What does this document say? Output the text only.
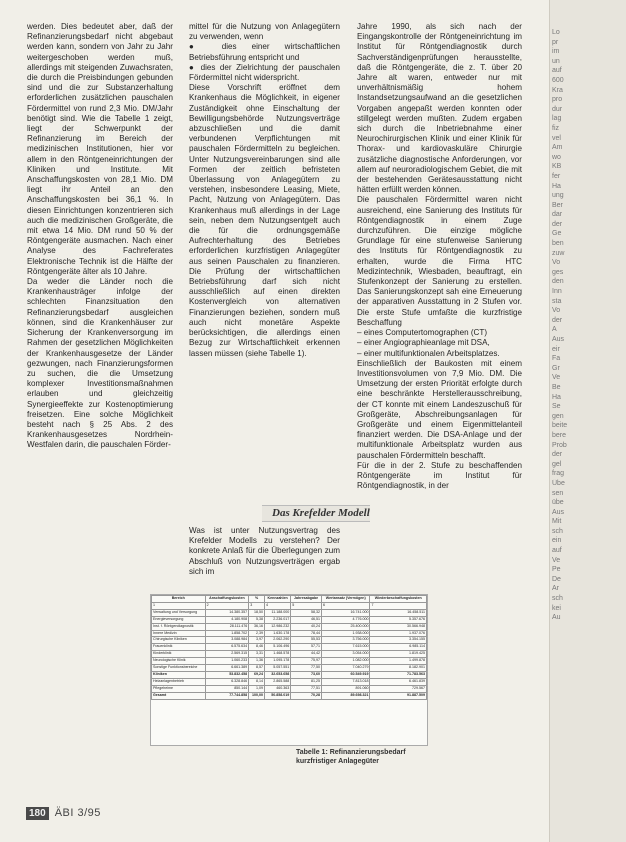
werden. Dies bedeutet aber, daß der Refinanzierungsbedarf nicht abgebaut werden kann, sondern von Jahr zu Jahr weitergeschoben werden muß, allerdings mit steigenden Zuwachsraten, die durch die Preisbindungen gebunden sind und die zur Substanzerhaltung erforderlichen zusätzlichen pauschalen Fördermittel von rund 2,3 Mio. DM/Jahr benötigt sind. Wie die Tabelle 1 zeigt, liegt der Schwerpunkt der Refinanzierung im Bereich der medizinischen Institutionen, hier vor allem in den Röntgeneinrichtungen der Kliniken und Institute. Mit Anschaffungskosten von 28,1 Mio. DM liegt ihr Anteil an den Anschaffungskosten bei 36,1 %. In diesen Einrichtungen konzentrieren sich auch die medizinischen Großgeräte, die mit etwa 14 Mio. DM rund 50 % der Röntgengeräte ausmachen. Nach einer Analyse des Fachreferates Elektronische Technik ist die Hälfte der Röntgengeräte älter als 10 Jahre.

Da weder die Länder noch die Krankenhausträger infolge der schlechten Finanzsituation den Refinanzierungsbedarf ausgleichen können, sind die Krankenhäuser zur Sicherung der Krankenversorgung im Rahmen der gesetzlichen Möglichkeiten der Krankenhausgesetze der Länder gezwungen, nach Finanzierungsformen zu suchen, die die Umsetzung komplexer Investitionsmaßnahmen erlauben und gleichzeitig Synergieeffekte zur Kostenoptimierung freisetzen. Eine solche Möglichkeit besteht nach § 25 Abs. 2 des Krankenhausgesetzes Nordrhein-Westfalen darin, die pauschalen Förder-

mittel für die Nutzung von Anlagegütern zu verwenden, wenn

● dies einer wirtschaftlichen Betriebsführung entspricht und

● dies der Zielrichtung der pauschalen Fördermittel nicht widerspricht.

Diese Vorschrift eröffnet dem Krankenhaus die Möglichkeit, in eigener Zuständigkeit ohne Einschaltung der Bewilligungsbehörde Nutzungsverträge abzuschließen und die damit verbundenen Verpflichtungen mit pauschalen Fördermitteln zu begleichen. Unter Nutzungsvereinbarungen sind alle Formen der zeitlich befristeten Überlassung von Anlagegütern zu verstehen, insbesondere Leasing, Miete, Pacht, Nutzung von Anlagegütern. Das Krankenhaus muß allerdings in der Lage sein, neben dem Nutzungsentgelt auch die für die ordnungsgemäße Aufrechterhaltung des Betriebes erforderlichen kurzfristigen Anlagegüter aus seinen Pauschalen zu finanzieren. Die Prüfung der wirtschaftlichen Betriebsführung darf sich nicht ausschließlich auf einen direkten Kostenvergleich von alternativen Finanzierungen beziehen, sondern muß auch nicht monetäre Aspekte berücksichtigen, die allerdings einen Bezug zur Wirtschaftlichkeit erkennen lassen müssen (siehe Tabelle 1).

Das Krefelder Modell

Was ist unter Nutzungsvertrag des Krefelder Modells zu verstehen? Der konkrete Anlaß für die Überlegungen zum Abschluß von Nutzungsverträgen ergab sich im

Jahre 1990, als sich nach der Eingangskontrolle der Röntgeneinrichtung im Institut für Röntgendiagnostik durch Sachverständigenprüfungen herausstellte, daß die Röntgengeräte, die z. T. über 20 Jahre alt waren, entweder nur mit unverhältnismäßig hohem Instandsetzungsaufwand an die gesetzlichen Vorgaben angepaßt werden konnten oder stillgelegt werden mußten. Zudem ergaben sich durch die Inbetriebnahme einer Neurochirurgischen Klinik und einer Klinik für Thorax- und kardiovaskuläre Chirurgie zusätzliche diagnostische Anforderungen, vor allem auf neuroradiologischem Gebiet, die mit der bestehenden Gerätesausstattung nicht hätten erfüllt werden können.

Die pauschalen Fördermittel waren nicht ausreichend, eine Sanierung des Instituts für Röntgendiagnostik in einem Zuge durchzuführen. Die einzige mögliche Grundlage für eine stufenweise Sanierung des Instituts für Röntgendiagnostik zu erhalten, wurde die Firma HTC Medizintechnik, Wiesbaden, beauftragt, ein Stufenkonzept der Sanierung zu erstellen. Das Sanierungskonzept sah eine Erneuerung der apparativen Ausstattung in 2 Stufen vor. Die erste Stufe umfaßte die kurzfristige Beschaffung

– eines Computertomographen (CT)

– einer Angiographieanlage mit DSA,

– einer multifunktionalen Arbeitsplatzes.

Einschließlich der Baukosten mit einem Investitionsvolumen von 7,9 Mio. DM. Die Umsetzung der ersten Priorität erfolgte durch eine beschränkte Herstellerausschreibung, der CT konnte mit einem Landeszuschuß für Großgeräte, Abschreibungsanlagen für Großgeräte und einem Eigenmittelanteil finanziert werden. Die DSA-Anlage und der multifunktionale Arbeitsplatz wurden aus pauschalen Fördermitteln beschafft.

Für die in der 2. Stufe zu beschaffenden Röntgengeräte im Institut für Röntgendiagnostik, in der

Bereich	Anschaffungskosten	%	Kennzahlen	Jahresabgabe	Wertansatz (Vermögen)	Wiederbeschaffungskosten
1	2	3	4	5	6	7
Verwaltung und Versorgung	14.380.357	18,50	11.188.000	58,32	16.741.000	16.458.511
Energieversorgung	4.180.908	5,38	2.236.017	46,51	4.776.000	5.357.676
Inst. f. Röntgendiagnostik	28.111.476	36,16	12.986.232	40,24	25.400.000	30.566.948
Innere Medizin	1.858.702	2,39	1.630.178	78,44	1.938.000	1.937.076
Chirurgische Kliniken	3.088.984	3,97	2.062.290	55,53	3.756.000	3.354.155
Frauenklinik	6.575.634	8,46	5.106.496	57,71	7.615.000	6.985.114
Kinderklinik	2.569.315	3,31	1.468.578	44,42	3.054.000	1.819.425
Neurologische Klinik	1.060.233	1,36	1.095.178	75,97	1.082.000	1.499.878
Sonstige Funktionsbereiche	6.661.389	8,57	5.057.551	77,50	7.040.279	8.182.901
Kliniken	53.832.458	69,24	32.653.658	73,60	60.549.919	71.783.563
Heizanlagenbetrieb	6.328.846	8,14	2.865.588	81,25	7.813.018	6.461.839
Pflegeheime	850.144	1,09	460.363	77,51	891.060	729.567
Gesamt	77.744.858	100,00	50.858.019	70,28	89.698.321	91.887.509
Tabelle 1: Refinanzierungsbedarf kurzfristiger Anlagegüter
180 ÄBI 3/95
Lo
pr
im
un
auf
600
Kra
pro
dur
lag
fiz
vel
Am
wo
KB
fer
Ha
ung
Ber
dar
der
Ge
ben
zuw
Vo
ges
den
Inn
sta
Vo
der
A
Aus
eir
Fa
Gr
Ve
Be
Ha
Se
gen
beite
bere
Prob
der
gel
frag
Übe
sen
übe
Aus
Mit
sch
ein
auf
Ve
Pe
De
Ar
sch
kei
Au
